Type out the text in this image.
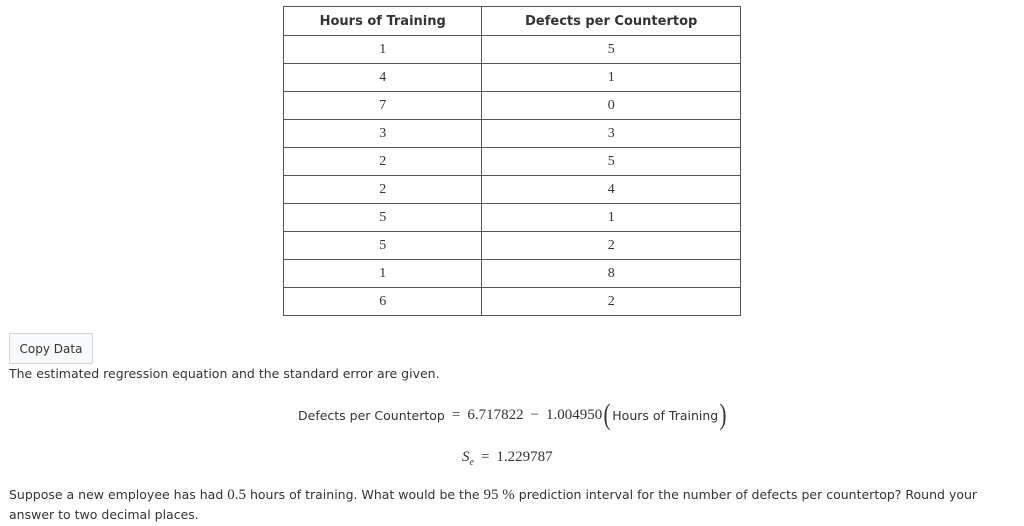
Hours of Training	Defects per Countertop
1	5
4	1
7	0
3	3
2	5
2	4
5	1
5	2
1	8
6	2
Copy Data
The estimated regression equation and the standard error are given.
Defects per Countertop = 6.717822 − 1.004950 ( Hours of Training )
$S_e = 1.229787$
Suppose a new employee has had 0.5 hours of training. What would be the 95 % prediction interval for the number of defects per countertop? Round your answer to two decimal places.
